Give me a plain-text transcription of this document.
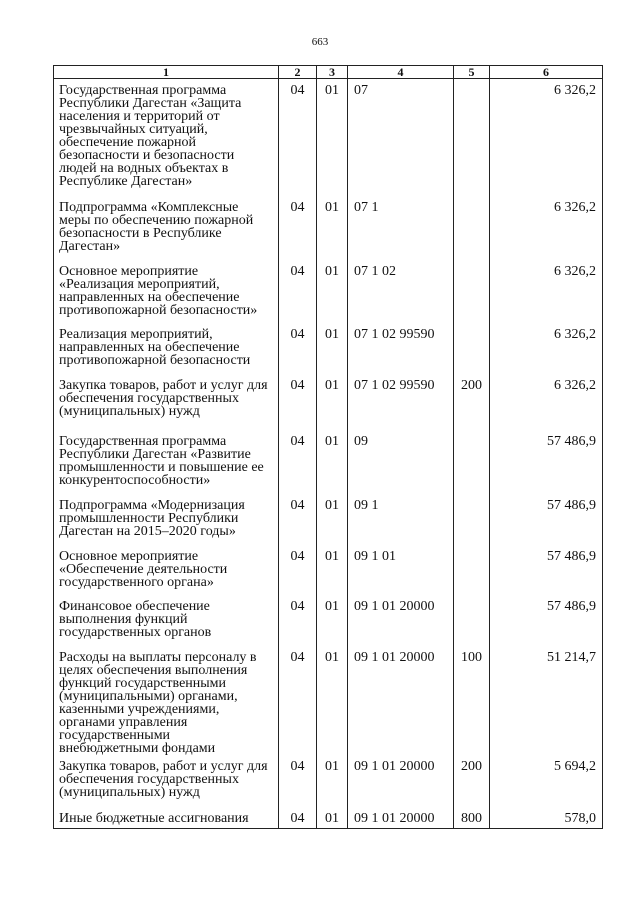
663
1	2	3	4	5	6
Государственная программа Республики Дагестан «Защита населения и территорий от чрезвычайных ситуаций, обеспечение пожарной безопасности и безопасности людей на водных объектах в Республике Дагестан»	04	01	07		6 326,2
Подпрограмма «Комплексные меры по обеспечению пожарной безопасности в Республике Дагестан»	04	01	07 1		6 326,2
Основное мероприятие «Реализация мероприятий, направленных на обеспечение противопожарной безопасности»	04	01	07 1 02		6 326,2
Реализация мероприятий, направленных на обеспечение противопожарной безопасности	04	01	07 1 02 99590		6 326,2
Закупка товаров, работ и услуг для обеспечения государственных (муниципальных) нужд	04	01	07 1 02 99590	200	6 326,2
Государственная программа Республики Дагестан «Развитие промышленности и повышение ее конкурентоспособности»	04	01	09		57 486,9
Подпрограмма «Модернизация промышленности Республики Дагестан на 2015–2020 годы»	04	01	09 1		57 486,9
Основное мероприятие «Обеспечение деятельности государственного органа»	04	01	09 1 01		57 486,9
Финансовое обеспечение выполнения функций государственных органов	04	01	09 1 01 20000		57 486,9
Расходы на выплаты персоналу в целях обеспечения выполнения функций государственными (муниципальными) органами, казенными учреждениями, органами управления государственными внебюджетными фондами	04	01	09 1 01 20000	100	51 214,7
Закупка товаров, работ и услуг для обеспечения государственных (муниципальных) нужд	04	01	09 1 01 20000	200	5 694,2
Иные бюджетные ассигнования	04	01	09 1 01 20000	800	578,0
